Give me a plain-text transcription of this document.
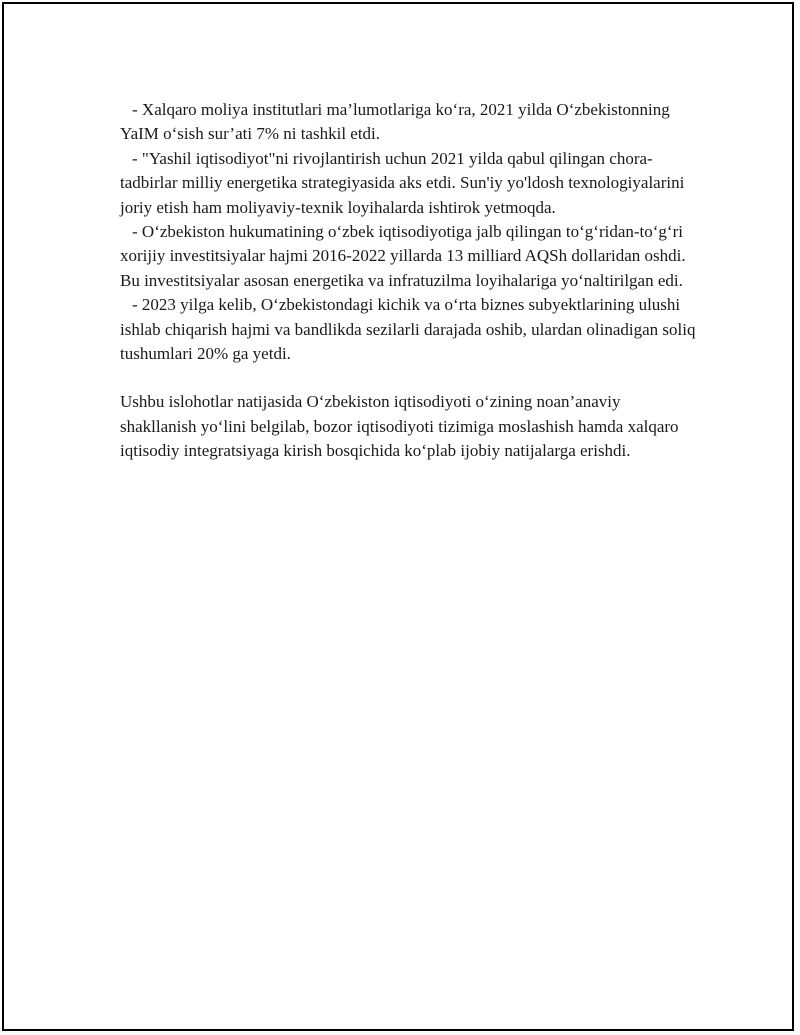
- Xalqaro moliya institutlari ma’lumotlariga ko‘ra, 2021 yilda O‘zbekistonning YaIM o‘sish sur’ati 7% ni tashkil etdi.

- "Yashil iqtisodiyot"ni rivojlantirish uchun 2021 yilda qabul qilingan chora-tadbirlar milliy energetika strategiyasida aks etdi. Sun'iy yo'ldosh texnologiyalarini joriy etish ham moliyaviy-texnik loyihalarda ishtirok yetmoqda.

- O‘zbekiston hukumatining o‘zbek iqtisodiyotiga jalb qilingan to‘g‘ridan-to‘g‘ri xorijiy investitsiyalar hajmi 2016-2022 yillarda 13 milliard AQSh dollaridan oshdi. Bu investitsiyalar asosan energetika va infratuzilma loyihalariga yo‘naltirilgan edi.

- 2023 yilga kelib, O‘zbekistondagi kichik va o‘rta biznes subyektlarining ulushi ishlab chiqarish hajmi va bandlikda sezilarli darajada oshib, ulardan olinadigan soliq tushumlari 20% ga yetdi.

Ushbu islohotlar natijasida O‘zbekiston iqtisodiyoti o‘zining noan’anaviy shakllanish yo‘lini belgilab, bozor iqtisodiyoti tizimiga moslashish hamda xalqaro iqtisodiy integratsiyaga kirish bosqichida ko‘plab ijobiy natijalarga erishdi.
